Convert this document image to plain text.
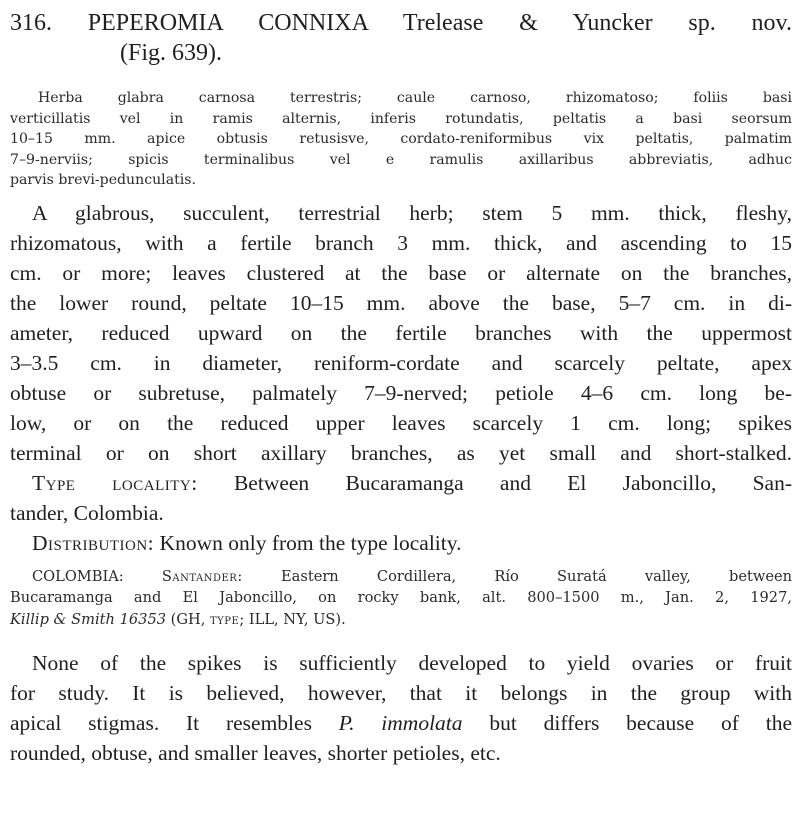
316. PEPEROMIA CONNIXA Trelease & Yuncker sp. nov.
(Fig. 639).
Herba glabra carnosa terrestris; caule carnoso, rhizomatoso; foliis basi
verticillatis vel in ramis alternis, inferis rotundatis, peltatis a basi seorsum
10–15 mm. apice obtusis retusisve, cordato-reniformibus vix peltatis, palmatim
7–9-nerviis; spicis terminalibus vel e ramulis axillaribus abbreviatis, adhuc
parvis brevi-pedunculatis.
A glabrous, succulent, terrestrial herb; stem 5 mm. thick, fleshy,
rhizomatous, with a fertile branch 3 mm. thick, and ascending to 15
cm. or more; leaves clustered at the base or alternate on the branches,
the lower round, peltate 10–15 mm. above the base, 5–7 cm. in di-
ameter, reduced upward on the fertile branches with the uppermost
3–3.5 cm. in diameter, reniform-cordate and scarcely peltate, apex
obtuse or subretuse, palmately 7–9-nerved; petiole 4–6 cm. long be-
low, or on the reduced upper leaves scarcely 1 cm. long; spikes
terminal or on short axillary branches, as yet small and short-stalked.
Type locality: Between Bucaramanga and El Jaboncillo, San-
tander, Colombia.
Distribution: Known only from the type locality.
COLOMBIA:	Santander:	Eastern Cordillera, Río Suratá valley, between
Bucaramanga and El Jaboncillo, on rocky bank, alt. 800–1500 m., Jan. 2, 1927,
Killip & Smith 16353 (GH, type; ILL, NY, US).
None of the spikes is sufficiently developed to yield ovaries or fruit
for study. It is believed, however, that it belongs in the group with
apical stigmas. It resembles P. immolata but differs because of the
rounded, obtuse, and smaller leaves, shorter petioles, etc.
